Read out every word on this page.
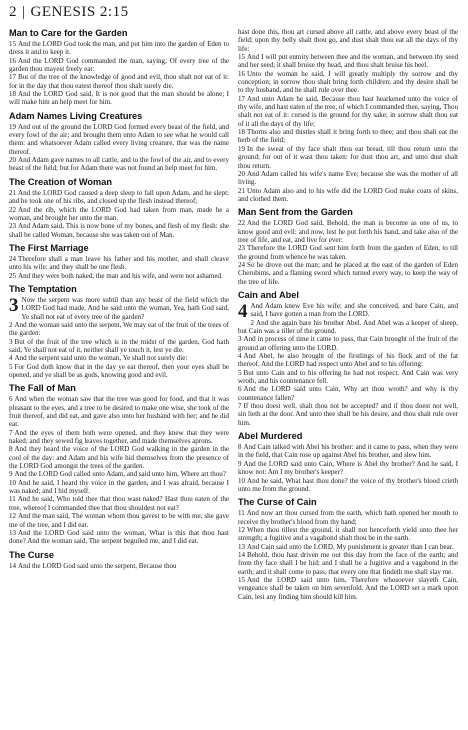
2 | GENESIS 2:15
Man to Care for the Garden

15 And the LORD God took the man, and put him into the garden of Eden to dress it and to keep it.

16 And the LORD God commanded the man, saying, Of every tree of the garden thou mayest freely eat:

17 But of the tree of the knowledge of good and evil, thou shalt not eat of it: for in the day that thou eatest thereof thou shalt surely die.

18 And the LORD God said, It is not good that the man should be alone; I will make him an help meet for him.

Adam Names Living Creatures

19 And out of the ground the LORD God formed every beast of the field, and every fowl of the air; and brought them unto Adam to see what he would call them: and whatsoever Adam called every living creature, that was the name thereof.

20 And Adam gave names to all cattle, and to the fowl of the air, and to every beast of the field; but for Adam there was not found an help meet for him.

The Creation of Woman

21 And the LORD God caused a deep sleep to fall upon Adam, and he slept: and he took one of his ribs, and closed up the flesh instead thereof;

22 And the rib, which the LORD God had taken from man, made he a woman, and brought her unto the man.

23 And Adam said, This is now bone of my bones, and flesh of my flesh: she shall be called Woman, because she was taken out of Man.

The First Marriage

24 Therefore shall a man leave his father and his mother, and shall cleave unto his wife: and they shall be one flesh.

25 And they were both naked, the man and his wife, and were not ashamed.

The Temptation

3 Now the serpent was more subtil than any beast of the field which the LORD God had made. And he said unto the woman, Yea, hath God said, Ye shall not eat of every tree of the garden?

2 And the woman said unto the serpent, We may eat of the fruit of the trees of the garden:

3 But of the fruit of the tree which is in the midst of the garden, God hath said, Ye shall not eat of it, neither shall ye touch it, lest ye die.

4 And the serpent said unto the woman, Ye shall not surely die:

5 For God doth know that in the day ye eat thereof, then your eyes shall be opened, and ye shall be as gods, knowing good and evil.

The Fall of Man

6 And when the woman saw that the tree was good for food, and that it was pleasant to the eyes, and a tree to be desired to make one wise, she took of the fruit thereof, and did eat, and gave also unto her husband with her; and he did eat.

7 And the eyes of them both were opened, and they knew that they were naked; and they sewed fig leaves together, and made themselves aprons.

8 And they heard the voice of the LORD God walking in the garden in the cool of the day: and Adam and his wife hid themselves from the presence of the LORD God amongst the trees of the garden.

9 And the LORD God called unto Adam, and said unto him, Where art thou?

10 And he said, I heard thy voice in the garden, and I was afraid, because I was naked; and I hid myself.

11 And he said, Who told thee that thou wast naked? Hast thou eaten of the tree, whereof I commanded thee that thou shouldest not eat?

12 And the man said, The woman whom thou gavest to be with me, she gave me of the tree, and I did eat.

13 And the LORD God said unto the woman, What is this that thou hast done? And the woman said, The serpent beguiled me, and I did eat.

The Curse

14 And the LORD God said unto the serpent, Because thou

hast done this, thou art cursed above all cattle, and above every beast of the field; upon thy belly shalt thou go, and dust shalt thou eat all the days of thy life:

15 And I will put enmity between thee and the woman, and between thy seed and her seed; it shall bruise thy head, and thou shalt bruise his heel.

16 Unto the woman he said, I will greatly multiply thy sorrow and thy conception; in sorrow thou shalt bring forth children; and thy desire shall be to thy husband, and he shall rule over thee.

17 And unto Adam he said, Because thou hast hearkened unto the voice of thy wife, and hast eaten of the tree, of which I commanded thee, saying, Thou shalt not eat of it: cursed is the ground for thy sake; in sorrow shalt thou eat of it all the days of thy life;

18 Thorns also and thistles shall it bring forth to thee; and thou shalt eat the herb of the field;

19 In the sweat of thy face shalt thou eat bread, till thou return unto the ground; for out of it wast thou taken: for dust thou art, and unto dust shalt thou return.

20 And Adam called his wife's name Eve; because she was the mother of all living.

21 Unto Adam also and to his wife did the LORD God make coats of skins, and clothed them.

Man Sent from the Garden

22 And the LORD God said, Behold, the man is become as one of us, to know good and evil: and now, lest he put forth his hand, and take also of the tree of life, and eat, and live for ever:

23 Therefore the LORD God sent him forth from the garden of Eden, to till the ground from whence he was taken.

24 So he drove out the man; and he placed at the east of the garden of Eden Cherubims, and a flaming sword which turned every way, to keep the way of the tree of life.

Cain and Abel

4 And Adam knew Eve his wife; and she conceived, and bare Cain, and said, I have gotten a man from the LORD.

2 And she again bare his brother Abel. And Abel was a keeper of sheep, but Cain was a tiller of the ground.

3 And in process of time it came to pass, that Cain brought of the fruit of the ground an offering unto the LORD.

4 And Abel, he also brought of the firstlings of his flock and of the fat thereof. And the LORD had respect unto Abel and to his offering:

5 But unto Cain and to his offering he had not respect. And Cain was very wroth, and his countenance fell.

6 And the LORD said unto Cain, Why art thou wroth? and why is thy countenance fallen?

7 If thou doest well, shalt thou not be accepted? and if thou doest not well, sin lieth at the door. And unto thee shall be his desire, and thou shalt rule over him.

Abel Murdered

8 And Cain talked with Abel his brother: and it came to pass, when they were in the field, that Cain rose up against Abel his brother, and slew him.

9 And the LORD said unto Cain, Where is Abel thy brother? And he said, I know not: Am I my brother's keeper?

10 And he said, What hast thou done? the voice of thy brother's blood crieth unto me from the ground.

The Curse of Cain

11 And now art thou cursed from the earth, which hath opened her mouth to receive thy brother's blood from thy hand;

12 When thou tillest the ground, it shall not henceforth yield unto thee her strength; a fugitive and a vagabond shalt thou be in the earth.

13 And Cain said unto the LORD, My punishment is greater than I can bear.

14 Behold, thou hast driven me out this day from the face of the earth; and from thy face shall I be hid; and I shall be a fugitive and a vagabond in the earth; and it shall come to pass, that every one that findeth me shall slay me.

15 And the LORD said unto him, Therefore whosoever slayeth Cain, vengeance shall be taken on him sevenfold. And the LORD set a mark upon Cain, lest any finding him should kill him.
